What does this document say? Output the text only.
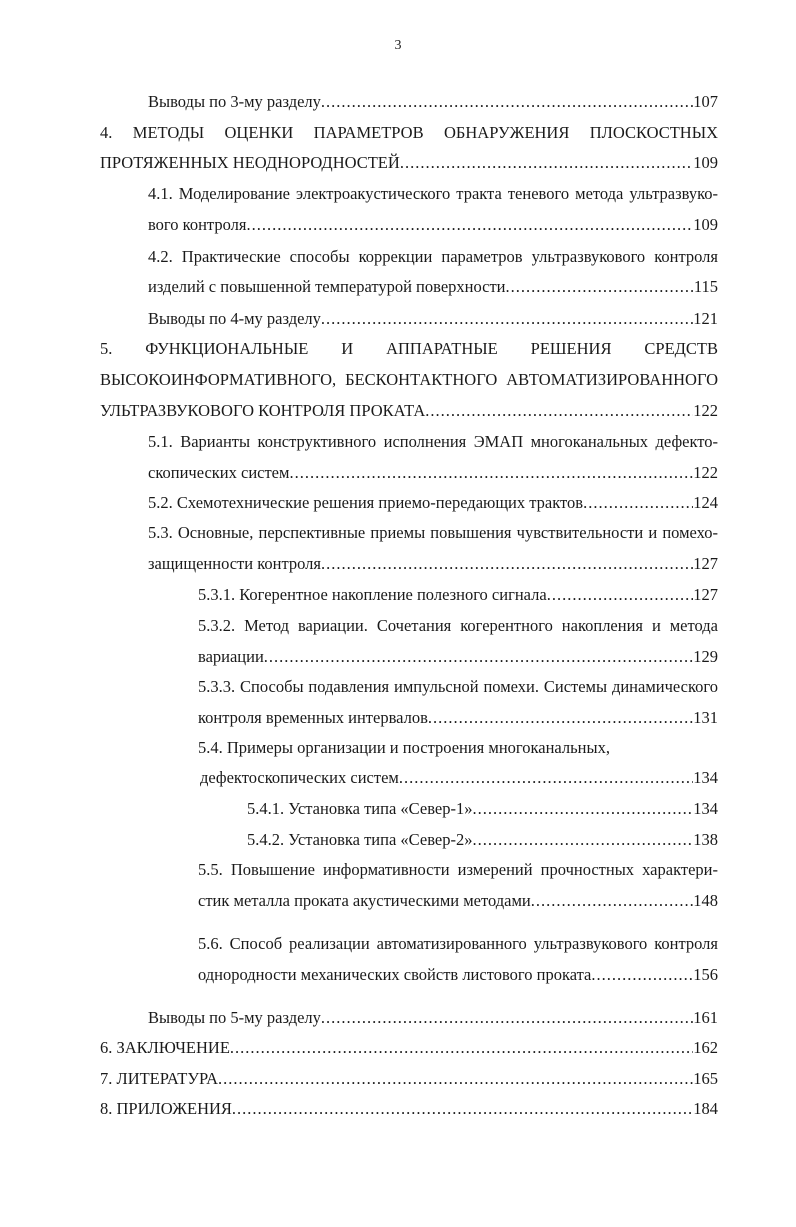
3
Выводы по 3-му разделу .....	107
4. МЕТОДЫ ОЦЕНКИ ПАРАМЕТРОВ ОБНАРУЖЕНИЯ ПЛОСКОСТНЫХ
ПРОТЯЖЕННЫХ НЕОДНОРОДНОСТЕЙ .....	109
4.1. Моделирование электроакустического тракта теневого метода ультразвуко-
вого контроля .....	109
4.2. Практические способы коррекции параметров ультразвукового контроля
изделий с повышенной температурой поверхности .....	115
Выводы по 4-му разделу .....	121
5. ФУНКЦИОНАЛЬНЫЕ И АППАРАТНЫЕ РЕШЕНИЯ СРЕДСТВ
ВЫСОКОИНФОРМАТИВНОГО, БЕСКОНТАКТНОГО АВТОМАТИЗИРОВАННОГО
УЛЬТРАЗВУКОВОГО КОНТРОЛЯ ПРОКАТА .....	122
5.1. Варианты конструктивного исполнения ЭМАП многоканальных дефекто-
скопических систем .....	122
5.2. Схемотехнические решения приемо-передающих трактов .....	124
5.3. Основные, перспективные приемы повышения чувствительности и помехо-
защищенности контроля .....	127
5.3.1. Когерентное накопление полезного сигнала .....	127
5.3.2. Метод вариации. Сочетания когерентного накопления и метода
вариации .....	129
5.3.3. Способы подавления импульсной помехи. Системы динамического
контроля временных интервалов .....	131
5.4. Примеры организации и построения многоканальных,
дефектоскопических систем .....	134
5.4.1. Установка типа «Север-1» .....	134
5.4.2. Установка типа «Север-2» .....	138
5.5. Повышение информативности измерений прочностных характери-
стик металла проката акустическими методами .....	148
5.6. Способ реализации автоматизированного ультразвукового контроля
однородности механических свойств листового проката .....	156
Выводы по 5-му разделу .....	161
6. ЗАКЛЮЧЕНИЕ .....	162
7. ЛИТЕРАТУРА .....	165
8. ПРИЛОЖЕНИЯ .....	184
